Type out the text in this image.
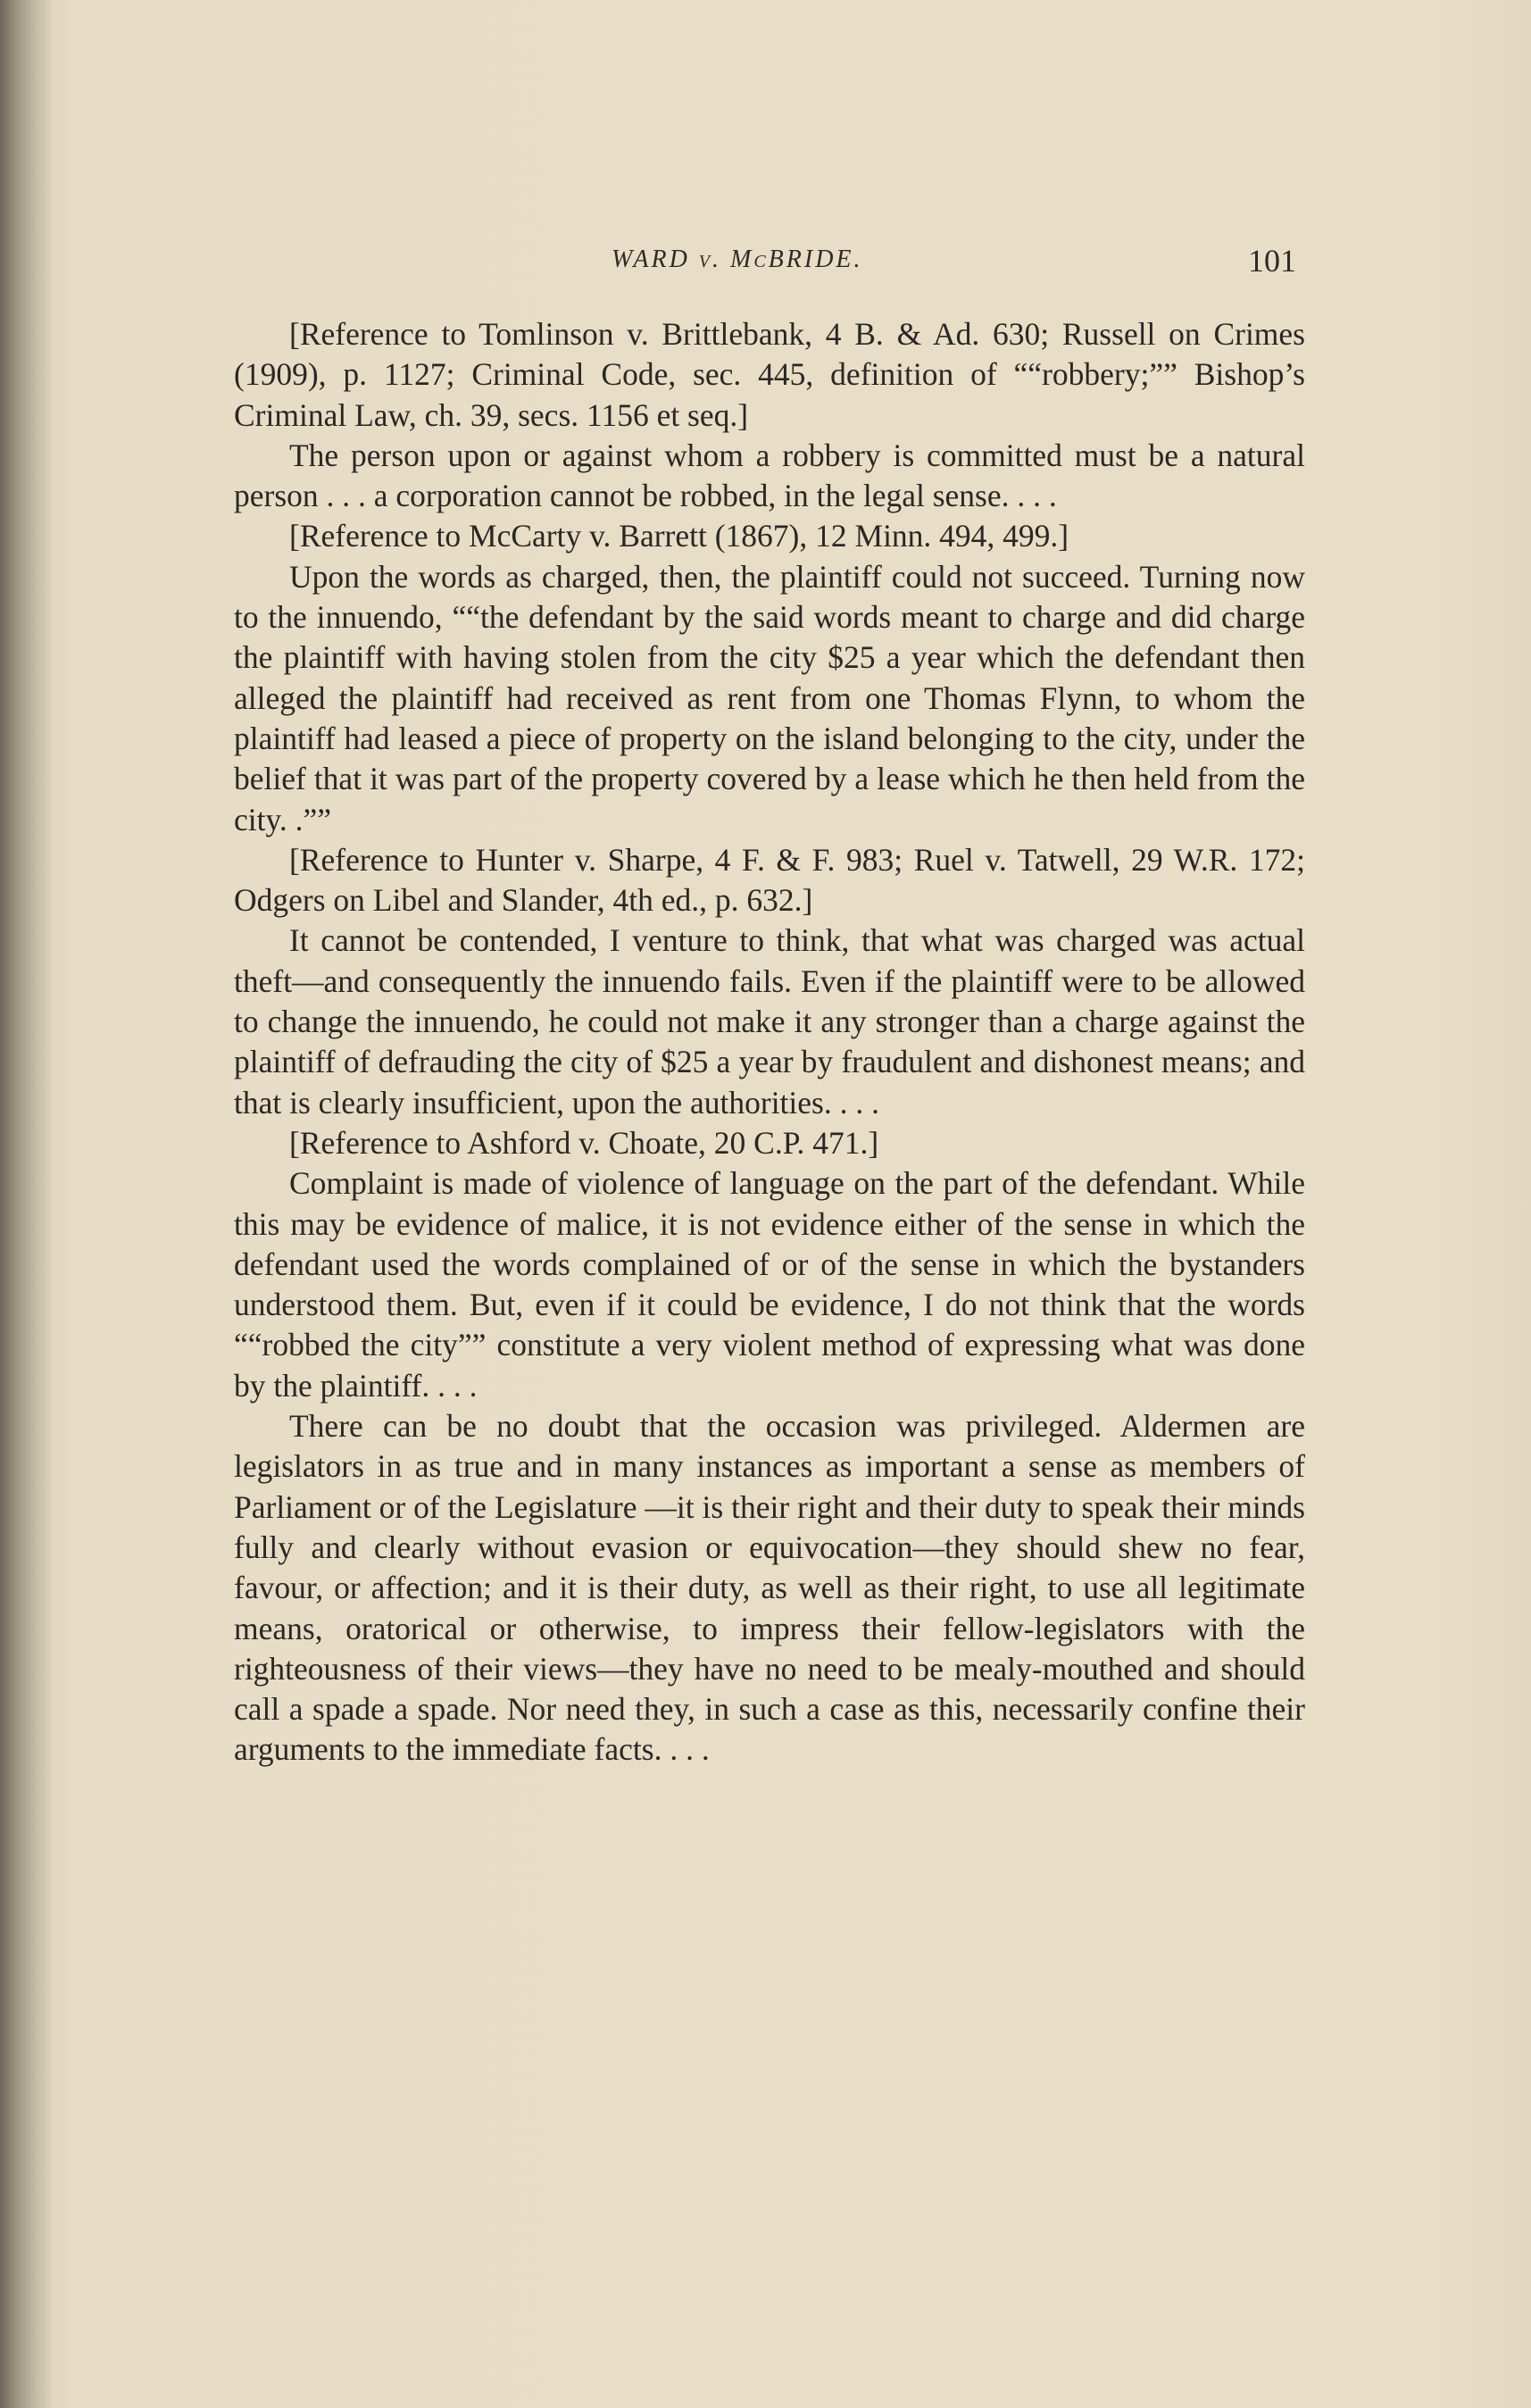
WARD v. McBRIDE.	101

[Reference to Tomlinson v. Brittlebank, 4 B. & Ad. 630; Russell on Crimes (1909), p. 1127; Criminal Code, sec. 445, definition of ““robbery;”” Bishop’s Criminal Law, ch. 39, secs. 1156 et seq.]

The person upon or against whom a robbery is committed must be a natural person . . . a corporation cannot be robbed, in the legal sense. . . .

[Reference to McCarty v. Barrett (1867), 12 Minn. 494, 499.]

Upon the words as charged, then, the plaintiff could not succeed. Turning now to the innuendo, ““the defendant by the said words meant to charge and did charge the plaintiff with having stolen from the city $25 a year which the defendant then alleged the plaintiff had received as rent from one Thomas Flynn, to whom the plaintiff had leased a piece of property on the island belonging to the city, under the belief that it was part of the property covered by a lease which he then held from the city. .””

[Reference to Hunter v. Sharpe, 4 F. & F. 983; Ruel v. Tatwell, 29 W.R. 172; Odgers on Libel and Slander, 4th ed., p. 632.]

It cannot be contended, I venture to think, that what was charged was actual theft—and consequently the innuendo fails. Even if the plaintiff were to be allowed to change the innuendo, he could not make it any stronger than a charge against the plaintiff of defrauding the city of $25 a year by fraudulent and dishonest means; and that is clearly insufficient, upon the authorities. . . .

[Reference to Ashford v. Choate, 20 C.P. 471.]

Complaint is made of violence of language on the part of the defendant. While this may be evidence of malice, it is not evidence either of the sense in which the defendant used the words complained of or of the sense in which the bystanders understood them. But, even if it could be evidence, I do not think that the words ““robbed the city”” constitute a very violent method of expressing what was done by the plaintiff. . . .

There can be no doubt that the occasion was privileged. Aldermen are legislators in as true and in many instances as important a sense as members of Parliament or of the Legislature —it is their right and their duty to speak their minds fully and clearly without evasion or equivocation—they should shew no fear, favour, or affection; and it is their duty, as well as their right, to use all legitimate means, oratorical or otherwise, to impress their fellow-legislators with the righteousness of their views—they have no need to be mealy-mouthed and should call a spade a spade. Nor need they, in such a case as this, necessarily confine their arguments to the immediate facts. . . .
